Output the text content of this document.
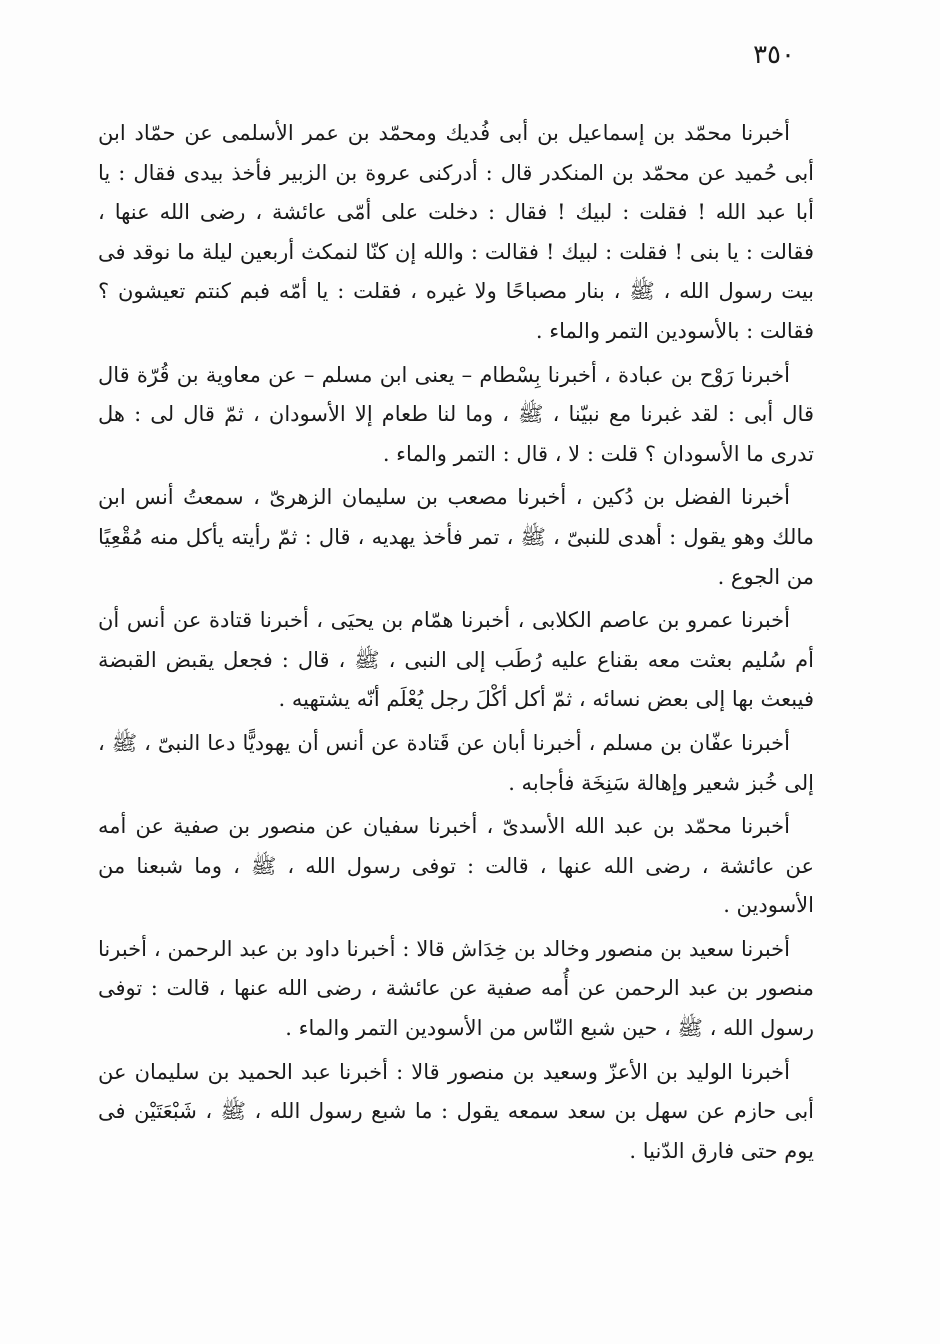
٣٥٠

أخبرنا محمّد بن إسماعيل بن أبى فُديك ومحمّد بن عمر الأسلمى عن حمّاد ابن أبى حُميد عن محمّد بن المنكدر قال : أدركنى عروة بن الزبير فأخذ بيدى فقال : يا أبا عبد الله ! فقلت : لبيك ! فقال : دخلت على أمّى عائشة ، رضى الله عنها ، فقالت : يا بنى ! فقلت : لبيك ! فقالت : والله إن كنّا لنمكث أربعين ليلة ما نوقد فى بيت رسول الله ، ﷺ ، بنار مصباحًا ولا غيره ، فقلت : يا أمّه فبم كنتم تعيشون ؟ فقالت : بالأسودين التمر والماء .

أخبرنا رَوْح بن عبادة ، أخبرنا بِسْطام – يعنى ابن مسلم – عن معاوية بن قُرّة قال قال أبى : لقد غبرنا مع نبيّنا ، ﷺ ، وما لنا طعام إلا الأسودان ، ثمّ قال لى : هل تدرى ما الأسودان ؟ قلت : لا ، قال : التمر والماء .

أخبرنا الفضل بن دُكين ، أخبرنا مصعب بن سليمان الزهرىّ ، سمعتُ أنس ابن مالك وهو يقول : أهدى للنبىّ ، ﷺ ، تمر فأخذ يهديه ، قال : ثمّ رأيته يأكل منه مُقْعِيًا من الجوع .

أخبرنا عمرو بن عاصم الكلابى ، أخبرنا همّام بن يحيَى ، أخبرنا قتادة عن أنس أن أم سُليم بعثت معه بقناع عليه رُطَب إلى النبى ، ﷺ ، قال : فجعل يقبض القبضة فيبعث بها إلى بعض نسائه ، ثمّ أكل أكْلَ رجل يُعْلَم أنّه يشتهيه .

أخبرنا عفّان بن مسلم ، أخبرنا أبان عن قَتادة عن أنس أن يهوديًّا دعا النبىّ ، ﷺ ، إلى خُبز شعير وإهالة سَنِخَة فأجابه .

أخبرنا محمّد بن عبد الله الأسدىّ ، أخبرنا سفيان عن منصور بن صفية عن أمه عن عائشة ، رضى الله عنها ، قالت : توفى رسول الله ، ﷺ ، وما شبعنا من الأسودين .

أخبرنا سعيد بن منصور وخالد بن خِدَاش قالا : أخبرنا داود بن عبد الرحمن ، أخبرنا منصور بن عبد الرحمن عن أُمه صفية عن عائشة ، رضى الله عنها ، قالت : توفى رسول الله ، ﷺ ، حين شبع النّاس من الأسودين التمر والماء .

أخبرنا الوليد بن الأعزّ وسعيد بن منصور قالا : أخبرنا عبد الحميد بن سليمان عن أبى حازم عن سهل بن سعد سمعه يقول : ما شبع رسول الله ، ﷺ ، شَبْعَتَيْن فى يوم حتى فارق الدّنيا .
